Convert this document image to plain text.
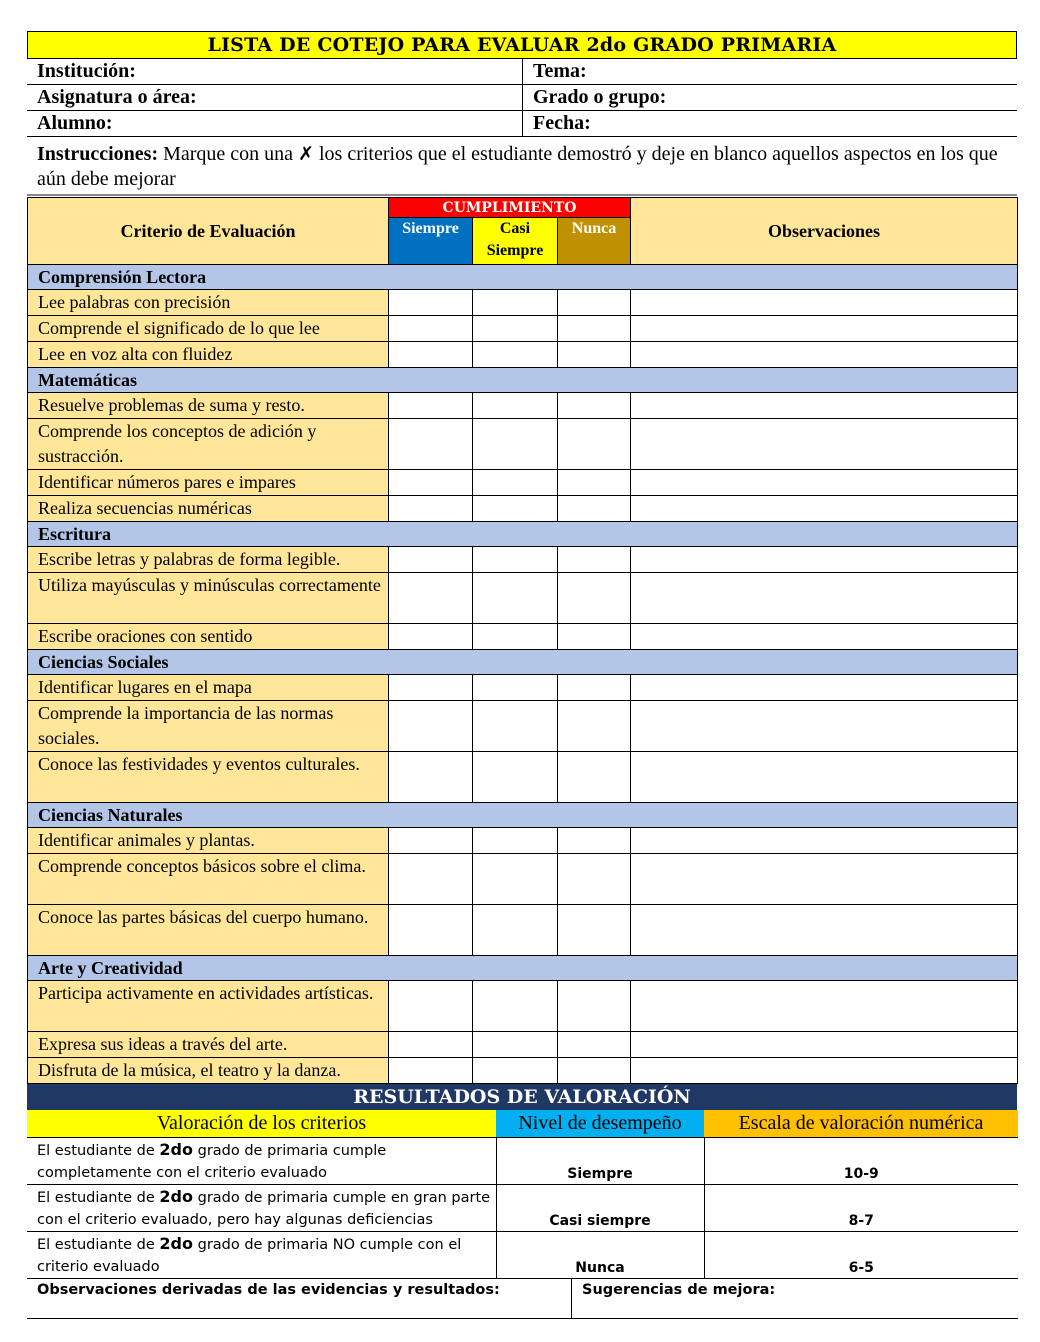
LISTA DE COTEJO PARA EVALUAR 2do GRADO PRIMARIA
Institución:	Tema:
Asignatura o área:	Grado o grupo:
Alumno:	Fecha:
Instrucciones: Marque con una ✗ los criterios que el estudiante demostró y deje en blanco aquellos aspectos en los que aún debe mejorar
Criterio de Evaluación	CUMPLIMIENTO			Observaciones
	Siempre	Casi Siempre	Nunca	
Comprensión Lectora				
Lee palabras con precisión				
Comprende el significado de lo que lee				
Lee en voz alta con fluidez				
Matemáticas				
Resuelve problemas de suma y resto.				
Comprende los conceptos de adición y sustracción.				
Identificar números pares e impares				
Realiza secuencias numéricas				
Escritura				
Escribe letras y palabras de forma legible.				
Utiliza mayúsculas y minúsculas correctamente				
Escribe oraciones con sentido				
Ciencias Sociales				
Identificar lugares en el mapa				
Comprende la importancia de las normas sociales.				
Conoce las festividades y eventos culturales.				
Ciencias Naturales				
Identificar animales y plantas.				
Comprende conceptos básicos sobre el clima.				
Conoce las partes básicas del cuerpo humano.				
Arte y Creatividad				
Participa activamente en actividades artísticas.				
Expresa sus ideas a través del arte.				
Disfruta de la música, el teatro y la danza.				
RESULTADOS DE VALORACIÓN
Valoración de los criterios	Nivel de desempeño	Escala de valoración numérica
El estudiante de 2do grado de primaria cumple completamente con el criterio evaluado	Siempre	10-9
El estudiante de 2do grado de primaria cumple en gran parte con el criterio evaluado, pero hay algunas deficiencias	Casi siempre	8-7
El estudiante de 2do grado de primaria NO cumple con el criterio evaluado	Nunca	6-5
Observaciones derivadas de las evidencias y resultados:	Sugerencias de mejora:
